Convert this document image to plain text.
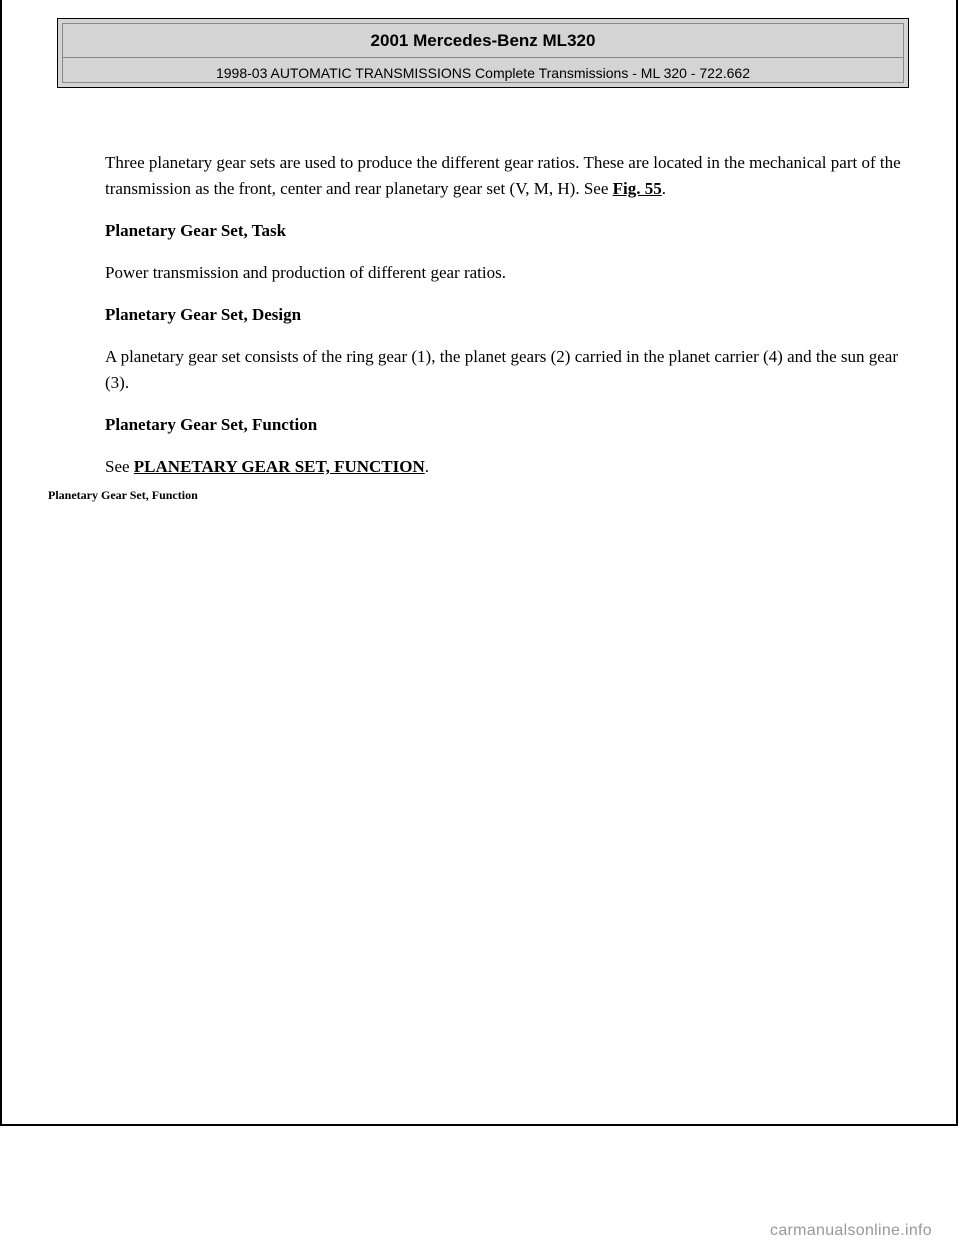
2001 Mercedes-Benz ML320
1998-03 AUTOMATIC TRANSMISSIONS Complete Transmissions - ML 320 - 722.662

Three planetary gear sets are used to produce the different gear ratios. These are located in the mechanical part of the transmission as the front, center and rear planetary gear set (V, M, H). See Fig. 55.

Planetary Gear Set, Task

Power transmission and production of different gear ratios.

Planetary Gear Set, Design

A planetary gear set consists of the ring gear (1), the planet gears (2) carried in the planet carrier (4) and the sun gear (3).

Planetary Gear Set, Function

See PLANETARY GEAR SET, FUNCTION.

Planetary Gear Set, Function
carmanualsonline.info
